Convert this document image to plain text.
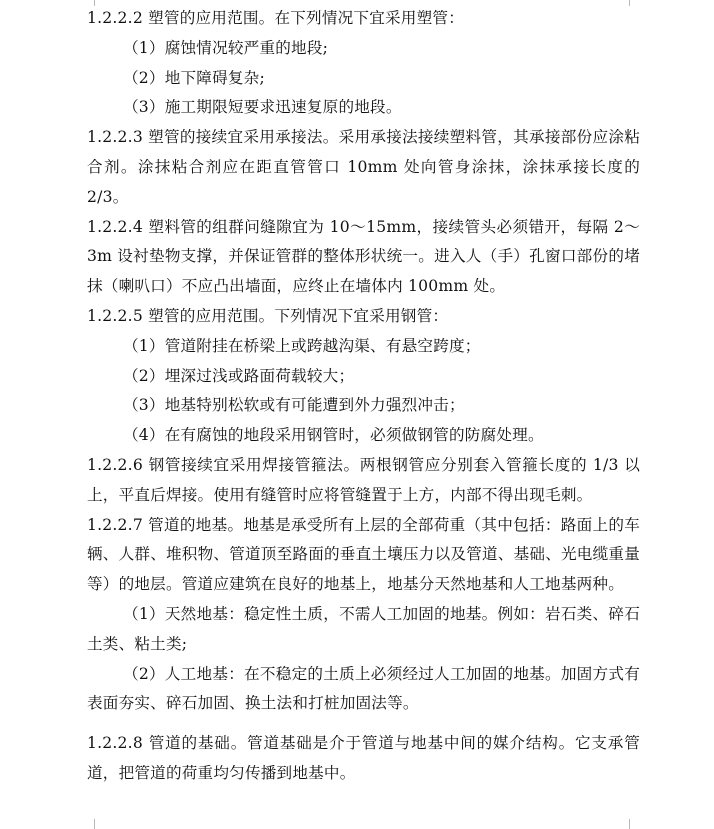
1.2.2.2 塑管的应用范围。在下列情况下宜采用塑管：

（1）腐蚀情况较严重的地段;

（2）地下障碍复杂;

（3）施工期限短要求迅速复原的地段。

1.2.2.3 塑管的接续宜采用承接法。采用承接法接续塑料管，其承接部份应涂粘合剂。涂抹粘合剂应在距直管管口 10mm 处向管身涂抹，涂抹承接长度的 2/3。

1.2.2.4 塑料管的组群问缝隙宜为 10～15mm，接续管头必须错开，每隔 2～3m 设衬垫物支撑，并保证管群的整体形状统一。进入人（手）孔窗口部份的堵抹（喇叭口）不应凸出墙面，应终止在墙体内 100mm 处。

1.2.2.5 塑管的应用范围。下列情况下宜采用钢管：

（1）管道附挂在桥梁上或跨越沟渠、有悬空跨度；

（2）埋深过浅或路面荷载较大；

（3）地基特别松软或有可能遭到外力强烈冲击；

（4）在有腐蚀的地段采用钢管时，必须做钢管的防腐处理。

1.2.2.6 钢管接续宜采用焊接管箍法。两根钢管应分别套入管箍长度的 1/3 以上，平直后焊接。使用有缝管时应将管缝置于上方，内部不得出现毛刺。

1.2.2.7 管道的地基。地基是承受所有上层的全部荷重（其中包括：路面上的车辆、人群、堆积物、管道顶至路面的垂直土壤压力以及管道、基础、光电缆重量等）的地层。管道应建筑在良好的地基上，地基分天然地基和人工地基两种。

（1）天然地基：稳定性土质，不需人工加固的地基。例如：岩石类、碎石土类、粘土类;

（2）人工地基：在不稳定的土质上必须经过人工加固的地基。加固方式有表面夯实、碎石加固、换土法和打桩加固法等。

1.2.2.8 管道的基础。管道基础是介于管道与地基中间的媒介结构。它支承管道，把管道的荷重均匀传播到地基中。
